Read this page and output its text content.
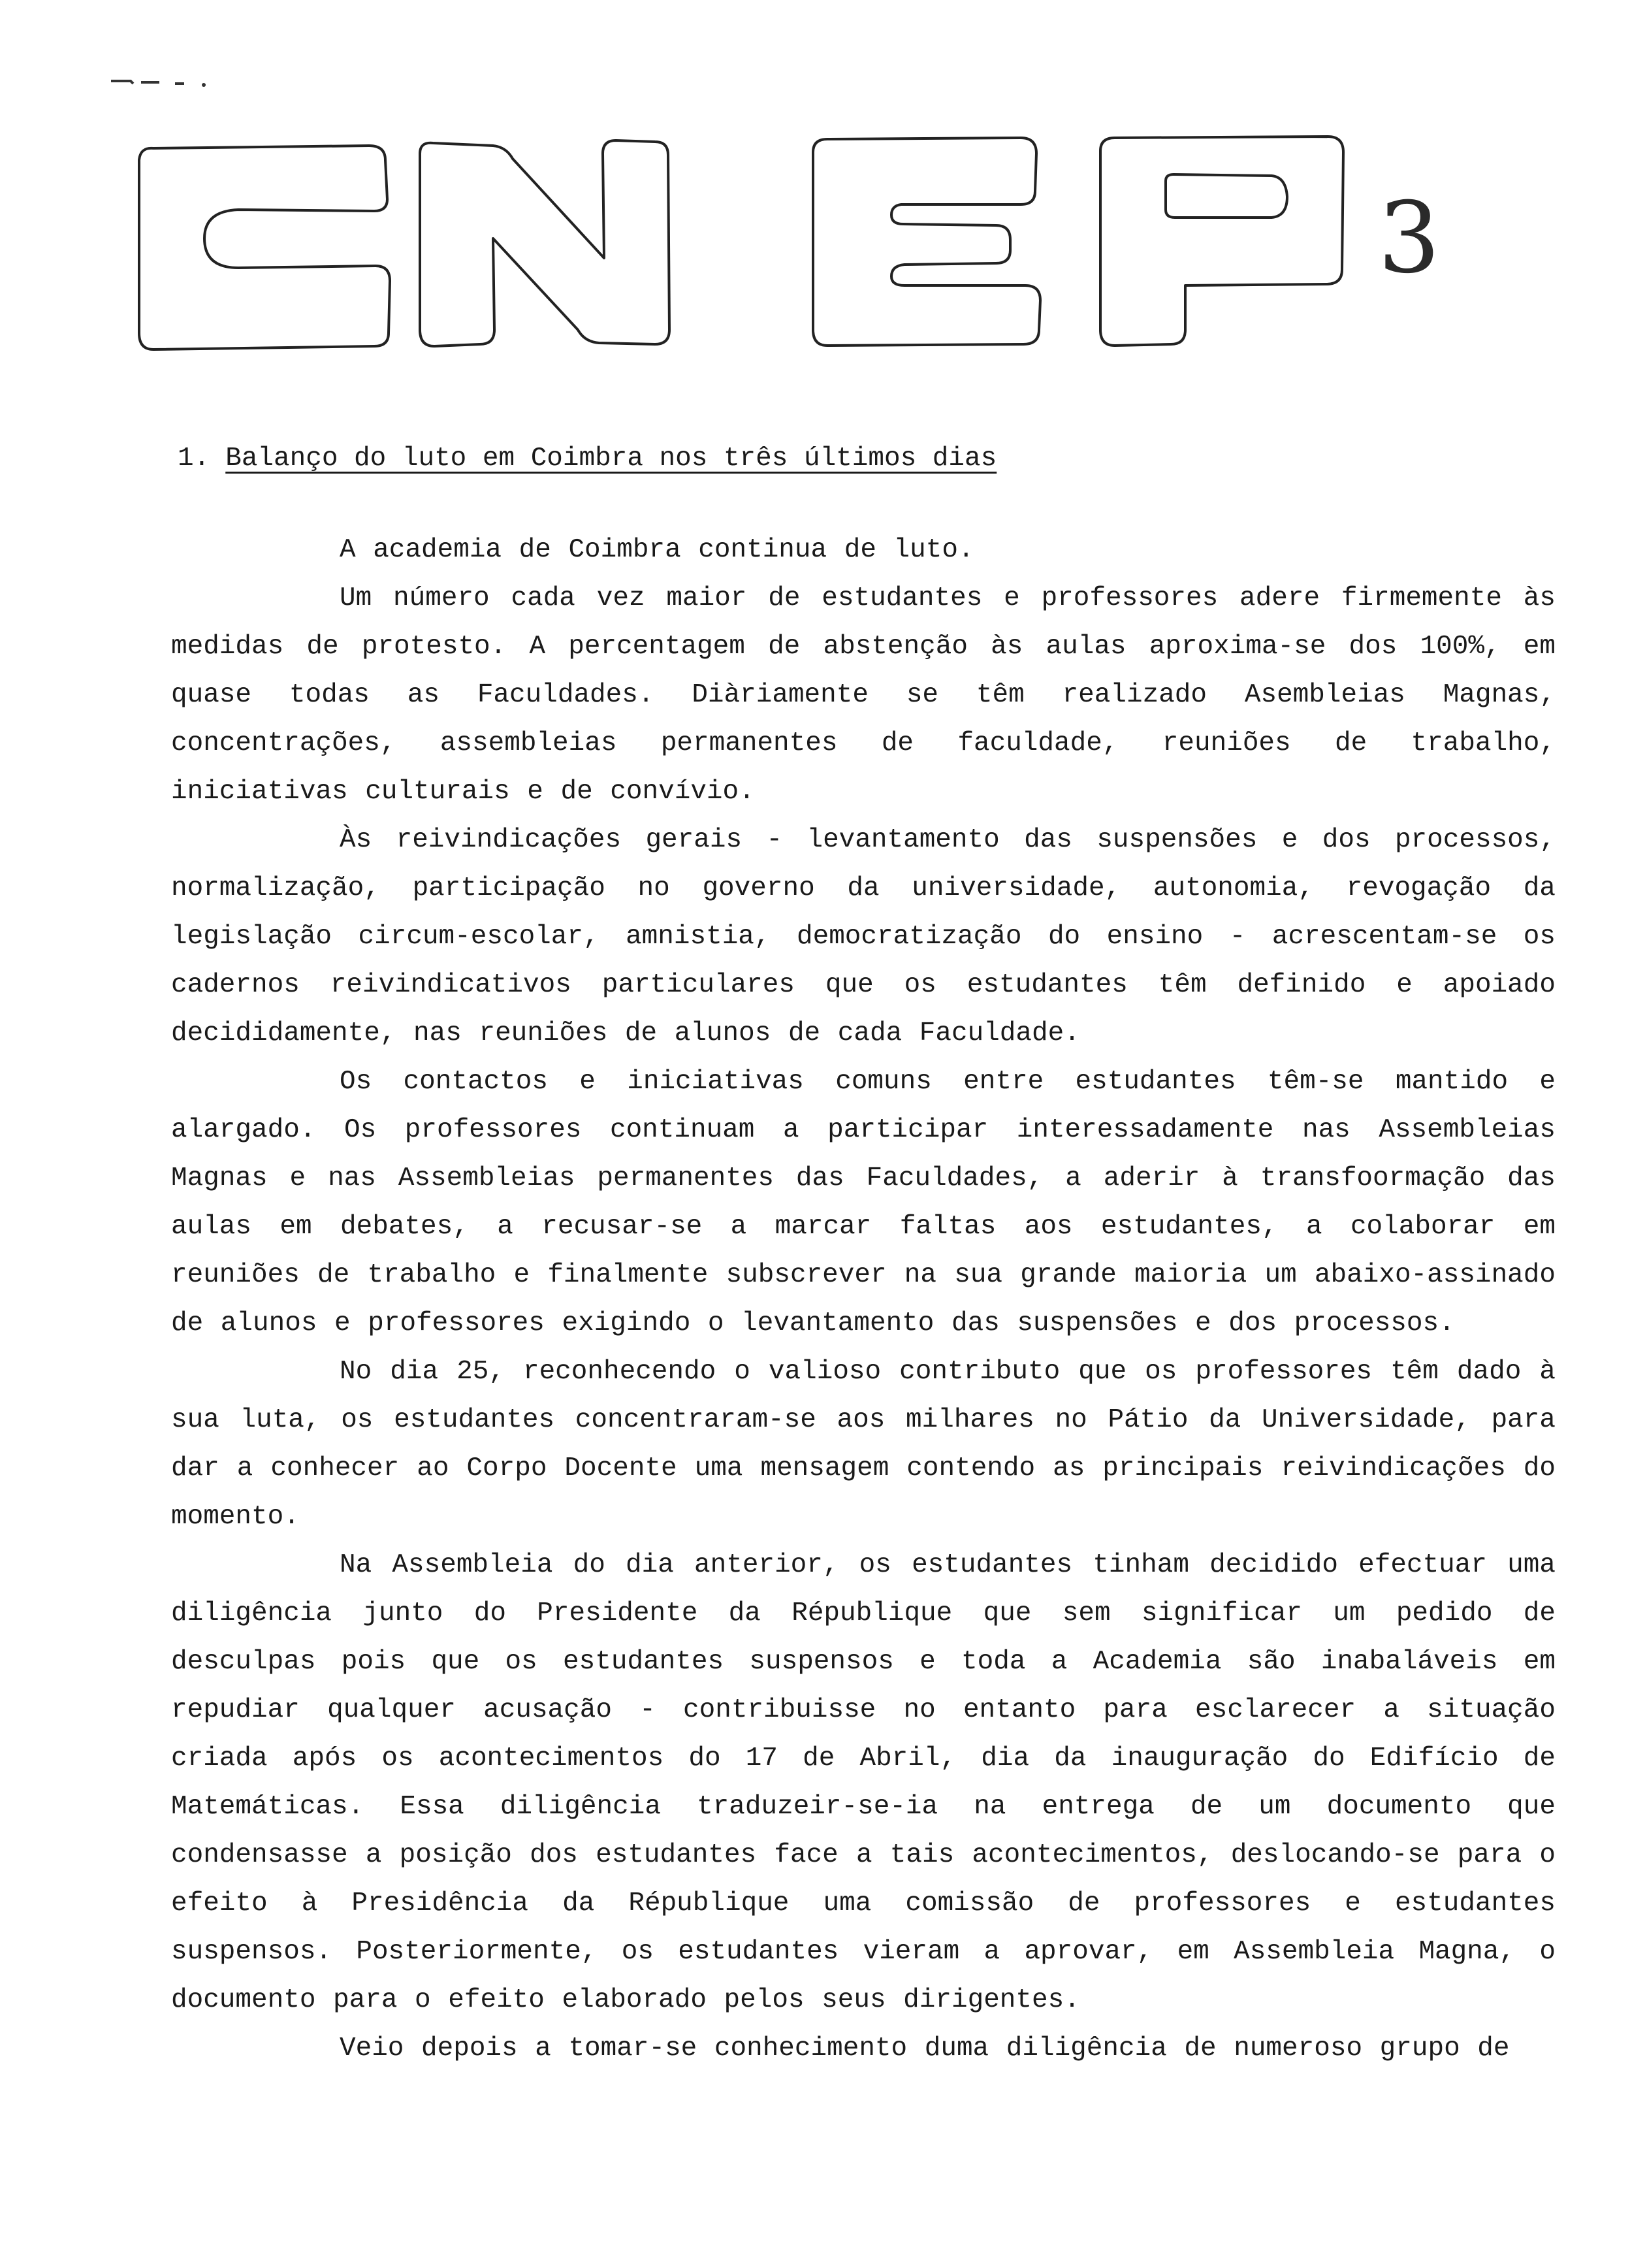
3
1. Balanço do luto em Coimbra nos três últimos dias

A academia de Coimbra continua de luto.

Um número cada vez maior de estudantes e professores adere firmemente às medidas de protesto. A percentagem de abstenção às aulas aproxima-se dos 100%, em quase todas as Faculdades. Diàriamente se têm realizado Asembleias Magnas, concentrações, assembleias permanentes de faculdade, reuniões de trabalho, iniciativas culturais e de convívio.

Às reivindicações gerais - levantamento das suspensões e dos processos, normalização, participação no governo da universidade, autonomia, revogação da legislação circum-escolar, amnistia, democratização do ensino - acrescentam-se os cadernos reivindicativos particulares que os estudantes têm definido e apoiado decididamente, nas reuniões de alunos de cada Faculdade.

Os contactos e iniciativas comuns entre estudantes têm-se mantido e alargado. Os professores continuam a participar interessadamente nas Assembleias Magnas e nas Assembleias permanentes das Faculdades, a aderir à transfoormação das aulas em debates, a recusar-se a marcar faltas aos estudantes, a colaborar em reuniões de trabalho e finalmente subscrever na sua grande maioria um abaixo-assinado de alunos e professores exigindo o levantamento das suspensões e dos processos.

No dia 25, reconhecendo o valioso contributo que os professores têm dado à sua luta, os estudantes concentraram-se aos milhares no Pátio da Universidade, para dar a conhecer ao Corpo Docente uma mensagem contendo as principais reivindicações do momento.

Na Assembleia do dia anterior, os estudantes tinham decidido efectuar uma diligência junto do Presidente da République que sem significar um pedido de desculpas pois que os estudantes suspensos e toda a Academia são inabaláveis em repudiar qualquer acusação - contribuisse no entanto para esclarecer a situação criada após os acontecimentos do 17 de Abril, dia da inauguração do Edifício de Matemáticas. Essa diligência traduzeir-se-ia na entrega de um documento que condensasse a posição dos estudantes face a tais acontecimentos, deslocando-se para o efeito à Presidência da République uma comissão de professores e estudantes suspensos. Posteriormente, os estudantes vieram a aprovar, em Assembleia Magna, o documento para o efeito elaborado pelos seus dirigentes.

Veio depois a tomar-se conhecimento duma diligência de numeroso grupo de
